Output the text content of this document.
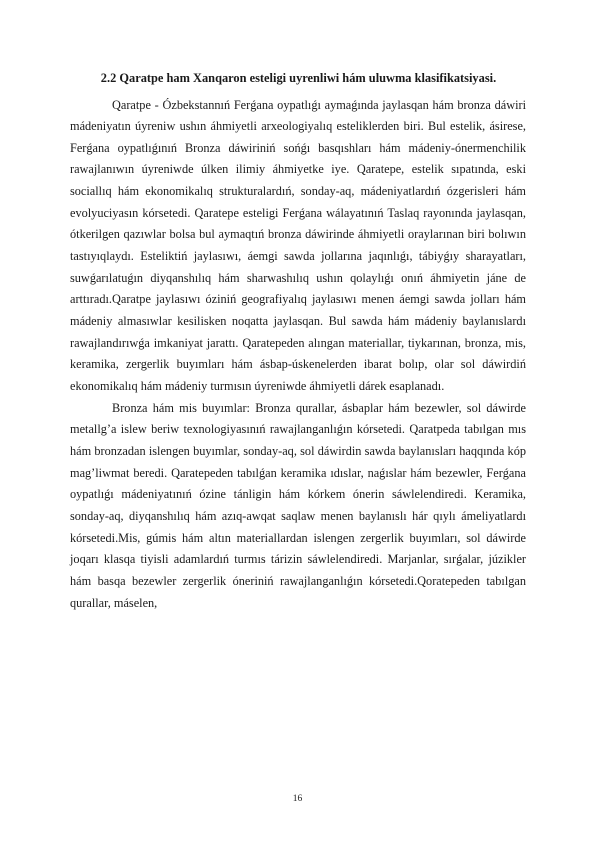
2.2 Qaratpe ham Xanqaron esteligi uyrenliwi hám uluwma klasifikatsiyasi.

Qaratpe - Ózbekstannıń Ferǵana oypatlıǵı aymaǵında jaylasqan hám bronza dáwiri mádeniyatın úyreniw ushın áhmiyetli arxeologiyalıq esteliklerden biri. Bul estelik, ásirese, Ferǵana oypatlıǵınıń Bronza dáwiriniń sońǵı basqıshları hám mádeniy-ónermenchilik rawajlanıwın úyreniwde úlken ilimiy áhmiyetke iye. Qaratepe, estelik sıpatında, eski sociallıq hám ekonomikalıq strukturalardıń, sonday-aq, mádeniyatlardıń ózgerisleri hám evolyuciyasın kórsetedi. Qaratepe esteligi Ferǵana wálayatınıń Taslaq rayonında jaylasqan, ótkerilgen qazıwlar bolsa bul aymaqtıń bronza dáwirinde áhmiyetli oraylarınan biri bolıwın tastıyıqlaydı. Esteliktiń jaylasıwı, áemgi sawda jollarına jaqınlıǵı, tábiyǵıy sharayatları, suwǵarılatuǵın diyqanshılıq hám sharwashılıq ushın qolaylıǵı onıń áhmiyetin jáne de arttıradı.Qaratpe jaylasıwı óziniń geografiyalıq jaylasıwı menen áemgi sawda jolları hám mádeniy almasıwlar kesilisken noqatta jaylasqan. Bul sawda hám mádeniy baylanıslardı rawajlandırıwǵa imkaniyat jarattı. Qaratepeden alıngan materiallar, tiykarınan, bronza, mis, keramika, zergerlik buyımları hám ásbap-úskenelerden ibarat bolıp, olar sol dáwirdiń ekonomikalıq hám mádeniy turmısın úyreniwde áhmiyetli dárek esaplanadı.

Bronza hám mis buyımlar: Bronza qurallar, ásbaplar hám bezewler, sol dáwirde metallg’a islew beriw texnologiyasınıń rawajlanganlıǵın kórsetedi. Qaratpeda tabılgan mıs hám bronzadan islengen buyımlar, sonday-aq, sol dáwirdin sawda baylanısları haqqında kóp mag’liwmat beredi. Qaratepeden tabılǵan keramika ıdıslar, naǵıslar hám bezewler, Ferǵana oypatlıǵı mádeniyatınıń ózine tánligin hám kórkem ónerin sáwlelendiredi. Keramika, sonday-aq, diyqanshılıq hám azıq-awqat saqlaw menen baylanıslı hár qıylı ámeliyatlardı kórsetedi.Mis, gúmis hám altın materiallardan islengen zergerlik buyımları, sol dáwirde joqarı klasqa tiyisli adamlardıń turmıs tárizin sáwlelendiredi. Marjanlar, sırǵalar, júzikler hám basqa bezewler zergerlik óneriniń rawajlanganlıǵın kórsetedi.Qoratepeden tabılgan qurallar, máselen,

16
